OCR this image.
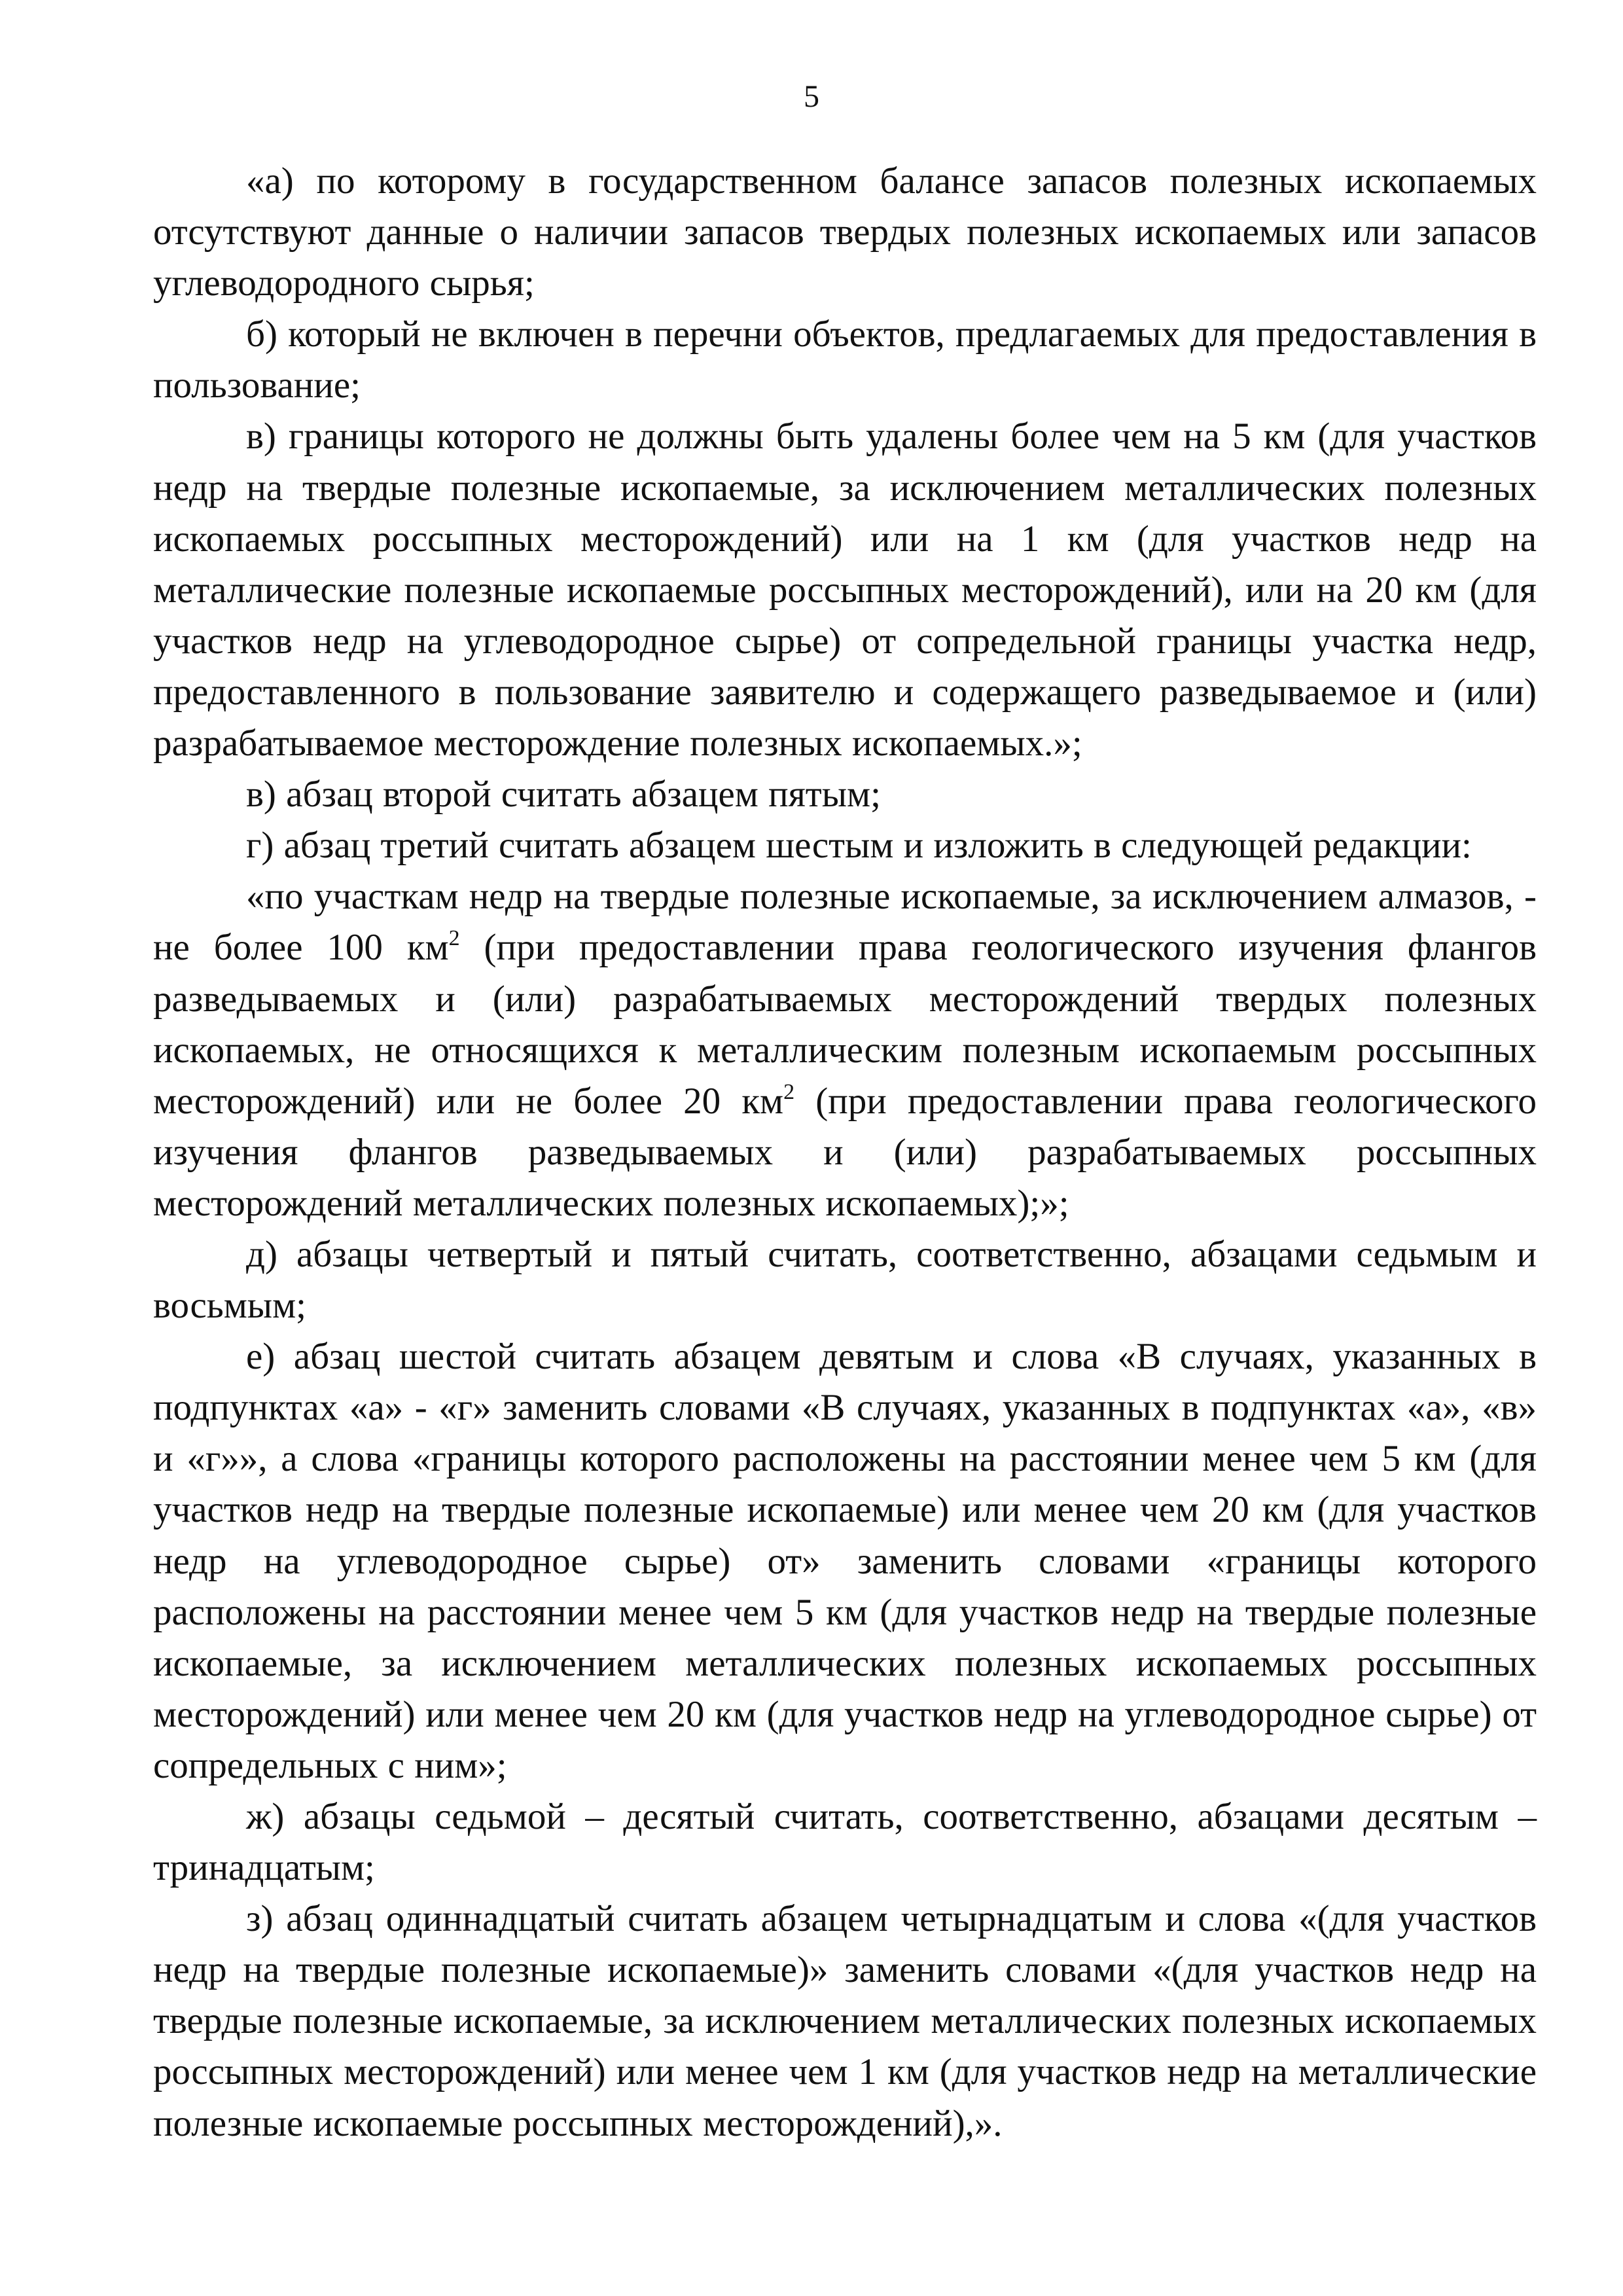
5

«а) по которому в государственном балансе запасов полезных ископаемых отсутствуют данные о наличии запасов твердых полезных ископаемых или запасов углеводородного сырья;

б) который не включен в перечни объектов, предлагаемых для предоставления в пользование;

в) границы которого не должны быть удалены более чем на 5 км (для участков недр на твердые полезные ископаемые, за исключением металлических полезных ископаемых россыпных месторождений) или на 1 км (для участков недр на металлические полезные ископаемые россыпных месторождений), или на 20 км (для участков недр на углеводородное сырье) от сопредельной границы участка недр, предоставленного в пользование заявителю и содержащего разведываемое и (или) разрабатываемое месторождение полезных ископаемых.»;

в) абзац второй считать абзацем пятым;

г) абзац третий считать абзацем шестым и изложить в следующей редакции:

«по участкам недр на твердые полезные ископаемые, за исключением алмазов, - не более 100 $км^2$ (при предоставлении права геологического изучения флангов разведываемых и (или) разрабатываемых месторождений твердых полезных ископаемых, не относящихся к металлическим полезным ископаемым россыпных месторождений) или не более 20 $км^2$ (при предоставлении права геологического изучения флангов разведываемых и (или) разрабатываемых россыпных месторождений металлических полезных ископаемых);»;

д) абзацы четвертый и пятый считать, соответственно, абзацами седьмым и восьмым;

е) абзац шестой считать абзацем девятым и слова «В случаях, указанных в подпунктах «а» - «г» заменить словами «В случаях, указанных в подпунктах «а», «в» и «г»», а слова «границы которого расположены на расстоянии менее чем 5 км (для участков недр на твердые полезные ископаемые) или менее чем 20 км (для участков недр на углеводородное сырье) от» заменить словами «границы которого расположены на расстоянии менее чем 5 км (для участков недр на твердые полезные ископаемые, за исключением металлических полезных ископаемых россыпных месторождений) или менее чем 20 км (для участков недр на углеводородное сырье) от сопредельных с ним»;

ж) абзацы седьмой – десятый считать, соответственно, абзацами десятым – тринадцатым;

з) абзац одиннадцатый считать абзацем четырнадцатым и слова «(для участков недр на твердые полезные ископаемые)» заменить словами «(для участков недр на твердые полезные ископаемые, за исключением металлических полезных ископаемых россыпных месторождений) или менее чем 1 км (для участков недр на металлические полезные ископаемые россыпных месторождений),».
